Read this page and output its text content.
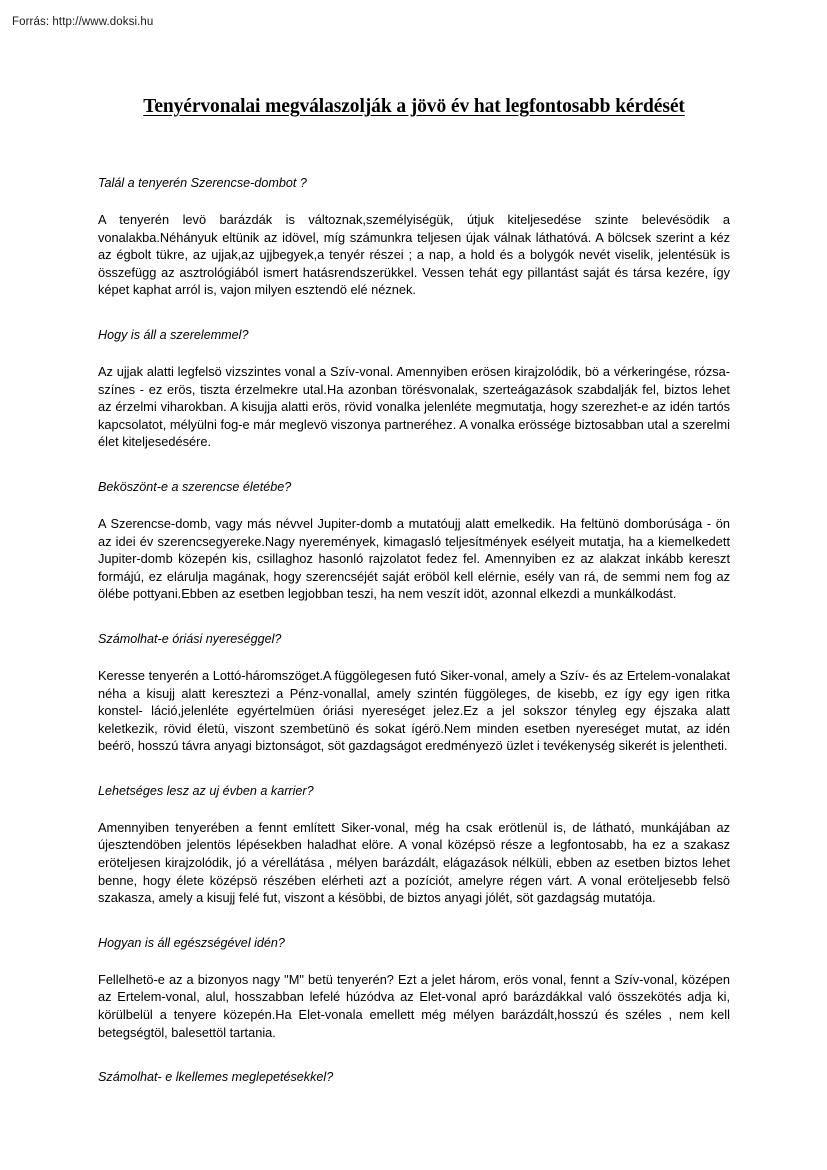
Forrás: http://www.doksi.hu
Tenyérvonalai megválaszolják a jövö év hat legfontosabb kérdését

Talál a tenyerén Szerencse-dombot ?

A tenyerén levö barázdák is változnak,személyiségük, útjuk kiteljesedése szinte belevésödik a vonalakba.Néhányuk eltünik az idövel, míg számunkra teljesen újak válnak láthatóvá. A bölcsek szerint a kéz az égbolt tükre, az ujjak,az ujjbegyek,a tenyér részei ; a nap, a hold és a bolygók nevét viselik, jelentésük is összefügg az asztrológiából ismert hatásrendszerükkel. Vessen tehát egy pillantást saját és társa kezére, így képet kaphat arról is, vajon milyen esztendö elé néznek.

Hogy is áll a szerelemmel?

Az ujjak alatti legfelsö vizszintes vonal a Szív-vonal. Amennyiben erösen kirajzolódik, bö a vérkeringése, rózsa- színes - ez erös, tiszta érzelmekre utal.Ha azonban törésvonalak, szerteágazások szabdalják fel, biztos lehet az érzelmi viharokban. A kisujja alatti erös, rövid vonalka jelenléte megmutatja, hogy szerezhet-e az idén tartós kapcsolatot, mélyülni fog-e már meglevö viszonya partneréhez. A vonalka erössége biztosabban utal a szerelmi élet kiteljesedésére.

Beköszönt-e a szerencse életébe?

A Szerencse-domb, vagy más névvel Jupiter-domb a mutatóujj alatt emelkedik. Ha feltünö domborúsága - ön az idei év szerencsegyereke.Nagy nyeremények, kimagasló teljesítmények esélyeit mutatja, ha a kiemelkedett Jupiter-domb közepén kis, csillaghoz hasonló rajzolatot fedez fel. Amennyiben ez az alakzat inkább kereszt formájú, ez elárulja magának, hogy szerencséjét saját eröböl kell elérnie, esély van rá, de semmi nem fog az ölébe pottyani.Ebben az esetben legjobban teszi, ha nem veszít idöt, azonnal elkezdi a munkálkodást.

Számolhat-e óriási nyereséggel?

Keresse tenyerén a Lottó-háromszöget.A függölegesen futó Siker-vonal, amely a Szív- és az Ertelem-vonalakat néha a kisujj alatt keresztezi a Pénz-vonallal, amely szintén függöleges, de kisebb, ez így egy igen ritka konstel- láció,jelenléte egyértelmüen óriási nyereséget jelez.Ez a jel sokszor tényleg egy éjszaka alatt keletkezik, rövid életü, viszont szembetünö és sokat ígérö.Nem minden esetben nyereséget mutat, az idén beérö, hosszú távra anyagi biztonságot, söt gazdagságot eredményezö üzlet i tevékenység sikerét is jelentheti.

Lehetséges lesz az uj évben a karrier?

Amennyiben tenyerében a fennt említett Siker-vonal, még ha csak erötlenül is, de látható, munkájában az újesztendöben jelentös lépésekben haladhat elöre. A vonal középsö része a legfontosabb, ha ez a szakasz eröteljesen kirajzolódik, jó a vérellátása , mélyen barázdált, elágazások nélküli, ebben az esetben biztos lehet benne, hogy élete középsö részében elérheti azt a pozíciót, amelyre régen várt. A vonal eröteljesebb felsö szakasza, amely a kisujj felé fut, viszont a késöbbi, de biztos anyagi jólét, söt gazdagság mutatója.

Hogyan is áll egészségével idén?

Fellelhetö-e az a bizonyos nagy "M" betü tenyerén? Ezt a jelet három, erös vonal, fennt a Szív-vonal, középen az Ertelem-vonal, alul, hosszabban lefelé húzódva az Elet-vonal apró barázdákkal való összekötés adja ki, körülbelül a tenyere közepén.Ha Elet-vonala emellett még mélyen barázdált,hosszú és széles , nem kell betegségtöl, balesettöl tartania.

Számolhat- e lkellemes meglepetésekkel?
